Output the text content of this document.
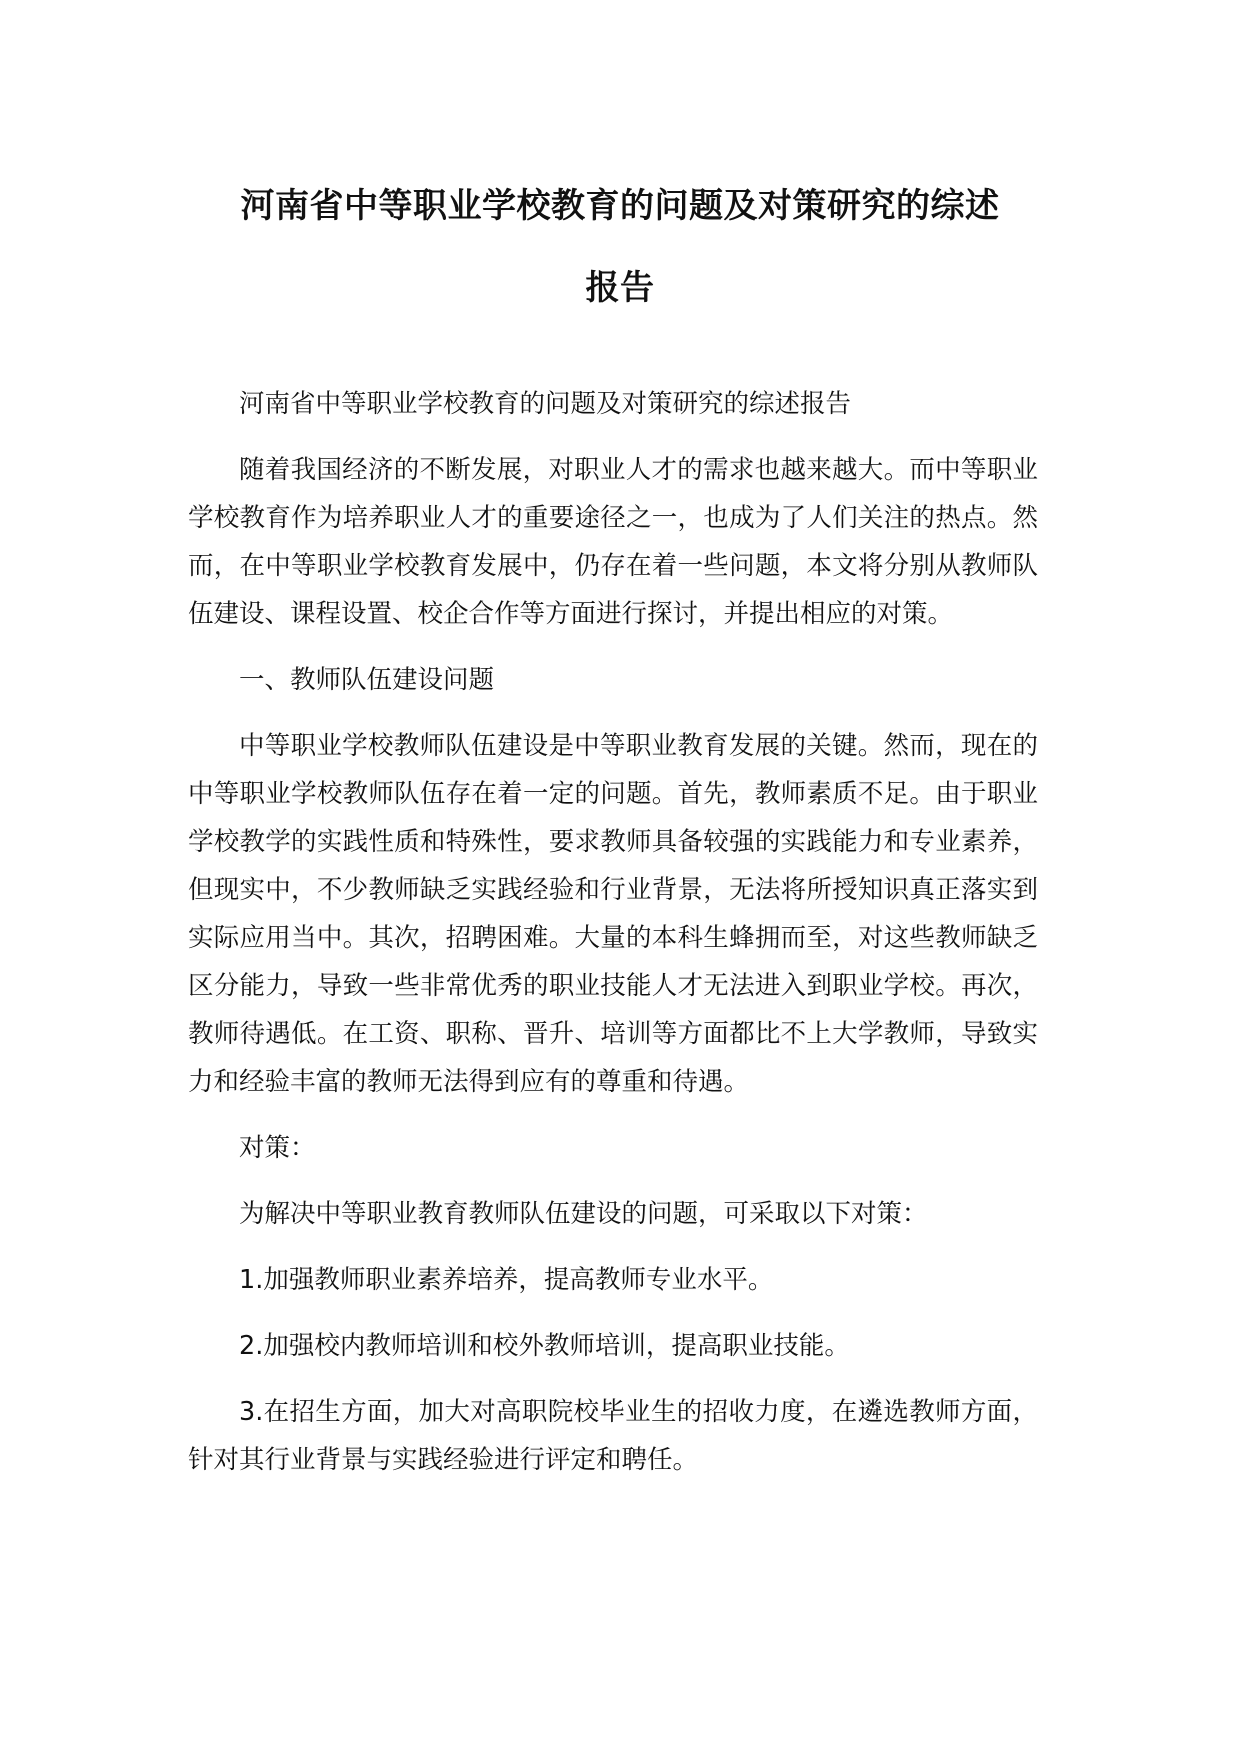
河南省中等职业学校教育的问题及对策研究的综述
报告

河南省中等职业学校教育的问题及对策研究的综述报告

随着我国经济的不断发展，对职业人才的需求也越来越大。而中等职业学校教育作为培养职业人才的重要途径之一，也成为了人们关注的热点。然而，在中等职业学校教育发展中，仍存在着一些问题，本文将分别从教师队伍建设、课程设置、校企合作等方面进行探讨，并提出相应的对策。

一、教师队伍建设问题

中等职业学校教师队伍建设是中等职业教育发展的关键。然而，现在的中等职业学校教师队伍存在着一定的问题。首先，教师素质不足。由于职业学校教学的实践性质和特殊性，要求教师具备较强的实践能力和专业素养，但现实中，不少教师缺乏实践经验和行业背景，无法将所授知识真正落实到实际应用当中。其次，招聘困难。大量的本科生蜂拥而至，对这些教师缺乏区分能力，导致一些非常优秀的职业技能人才无法进入到职业学校。再次，教师待遇低。在工资、职称、晋升、培训等方面都比不上大学教师，导致实力和经验丰富的教师无法得到应有的尊重和待遇。

对策：

为解决中等职业教育教师队伍建设的问题，可采取以下对策：

1.加强教师职业素养培养，提高教师专业水平。

2.加强校内教师培训和校外教师培训，提高职业技能。

3.在招生方面，加大对高职院校毕业生的招收力度，在遴选教师方面，针对其行业背景与实践经验进行评定和聘任。
